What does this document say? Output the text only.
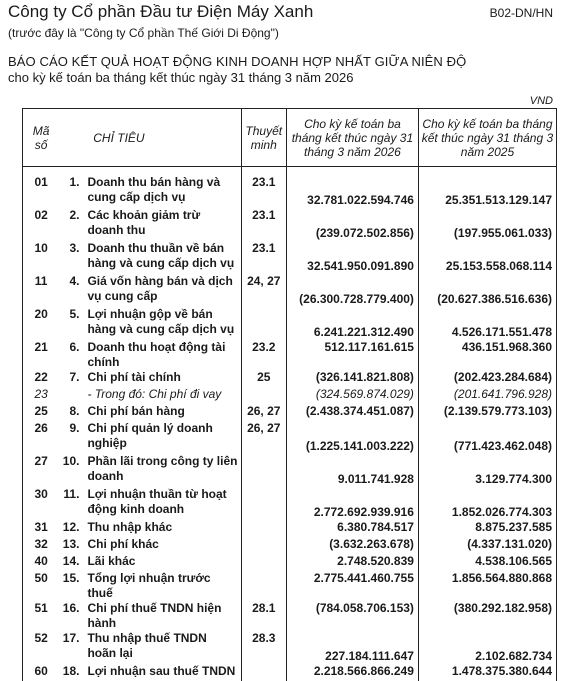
Công ty Cổ phần Đầu tư Điện Máy Xanh	B02-DN/HN
(trước đây là "Công ty Cổ phần Thế Giới Di Động")
BÁO CÁO KẾT QUẢ HOẠT ĐỘNG KINH DOANH HỢP NHẤT GIỮA NIÊN ĐỘ
cho kỳ kế toán ba tháng kết thúc ngày 31 tháng 3 năm 2026
VND
Mã số	CHỈ TIÊU		Thuyết minh	Cho kỳ kế toán ba tháng kết thúc ngày 31 tháng 3 năm 2026	Cho kỳ kế toán ba tháng kết thúc ngày 31 tháng 3 năm 2025
01	1.	Doanh thu bán hàng và cung cấp dịch vụ	23.1	32.781.022.594.746	25.351.513.129.147
02	2.	Các khoản giảm trừ doanh thu	23.1	(239.072.502.856)	(197.955.061.033)
10	3.	Doanh thu thuần về bán hàng và cung cấp dịch vụ	23.1	32.541.950.091.890	25.153.558.068.114
11	4.	Giá vốn hàng bán và dịch vụ cung cấp	24, 27	(26.300.728.779.400)	(20.627.386.516.636)
20	5.	Lợi nhuận gộp về bán hàng và cung cấp dịch vụ		6.241.221.312.490	4.526.171.551.478
21	6.	Doanh thu hoạt động tài chính	23.2	512.117.161.615	436.151.968.360
22	7.	Chi phí tài chính	25	(326.141.821.808)	(202.423.284.684)
23		- Trong đó: Chi phí đi vay		(324.569.874.029)	(201.641.796.928)
25	8.	Chi phí bán hàng	26, 27	(2.438.374.451.087)	(2.139.579.773.103)
26	9.	Chi phí quản lý doanh nghiệp	26, 27	(1.225.141.003.222)	(771.423.462.048)
27	10.	Phần lãi trong công ty liên doanh		9.011.741.928	3.129.774.300
30	11.	Lợi nhuận thuần từ hoạt động kinh doanh		2.772.692.939.916	1.852.026.774.303
31	12.	Thu nhập khác		6.380.784.517	8.875.237.585
32	13.	Chi phí khác		(3.632.263.678)	(4.337.131.020)
40	14.	Lãi khác		2.748.520.839	4.538.106.565
50	15.	Tổng lợi nhuận trước thuế		2.775.441.460.755	1.856.564.880.868
51	16.	Chi phí thuế TNDN hiện hành	28.1	(784.058.706.153)	(380.292.182.958)
52	17.	Thu nhập thuế TNDN hoãn lại	28.3	227.184.111.647	2.102.682.734
60	18.	Lợi nhuận sau thuế TNDN		2.218.566.866.249	1.478.375.380.644
